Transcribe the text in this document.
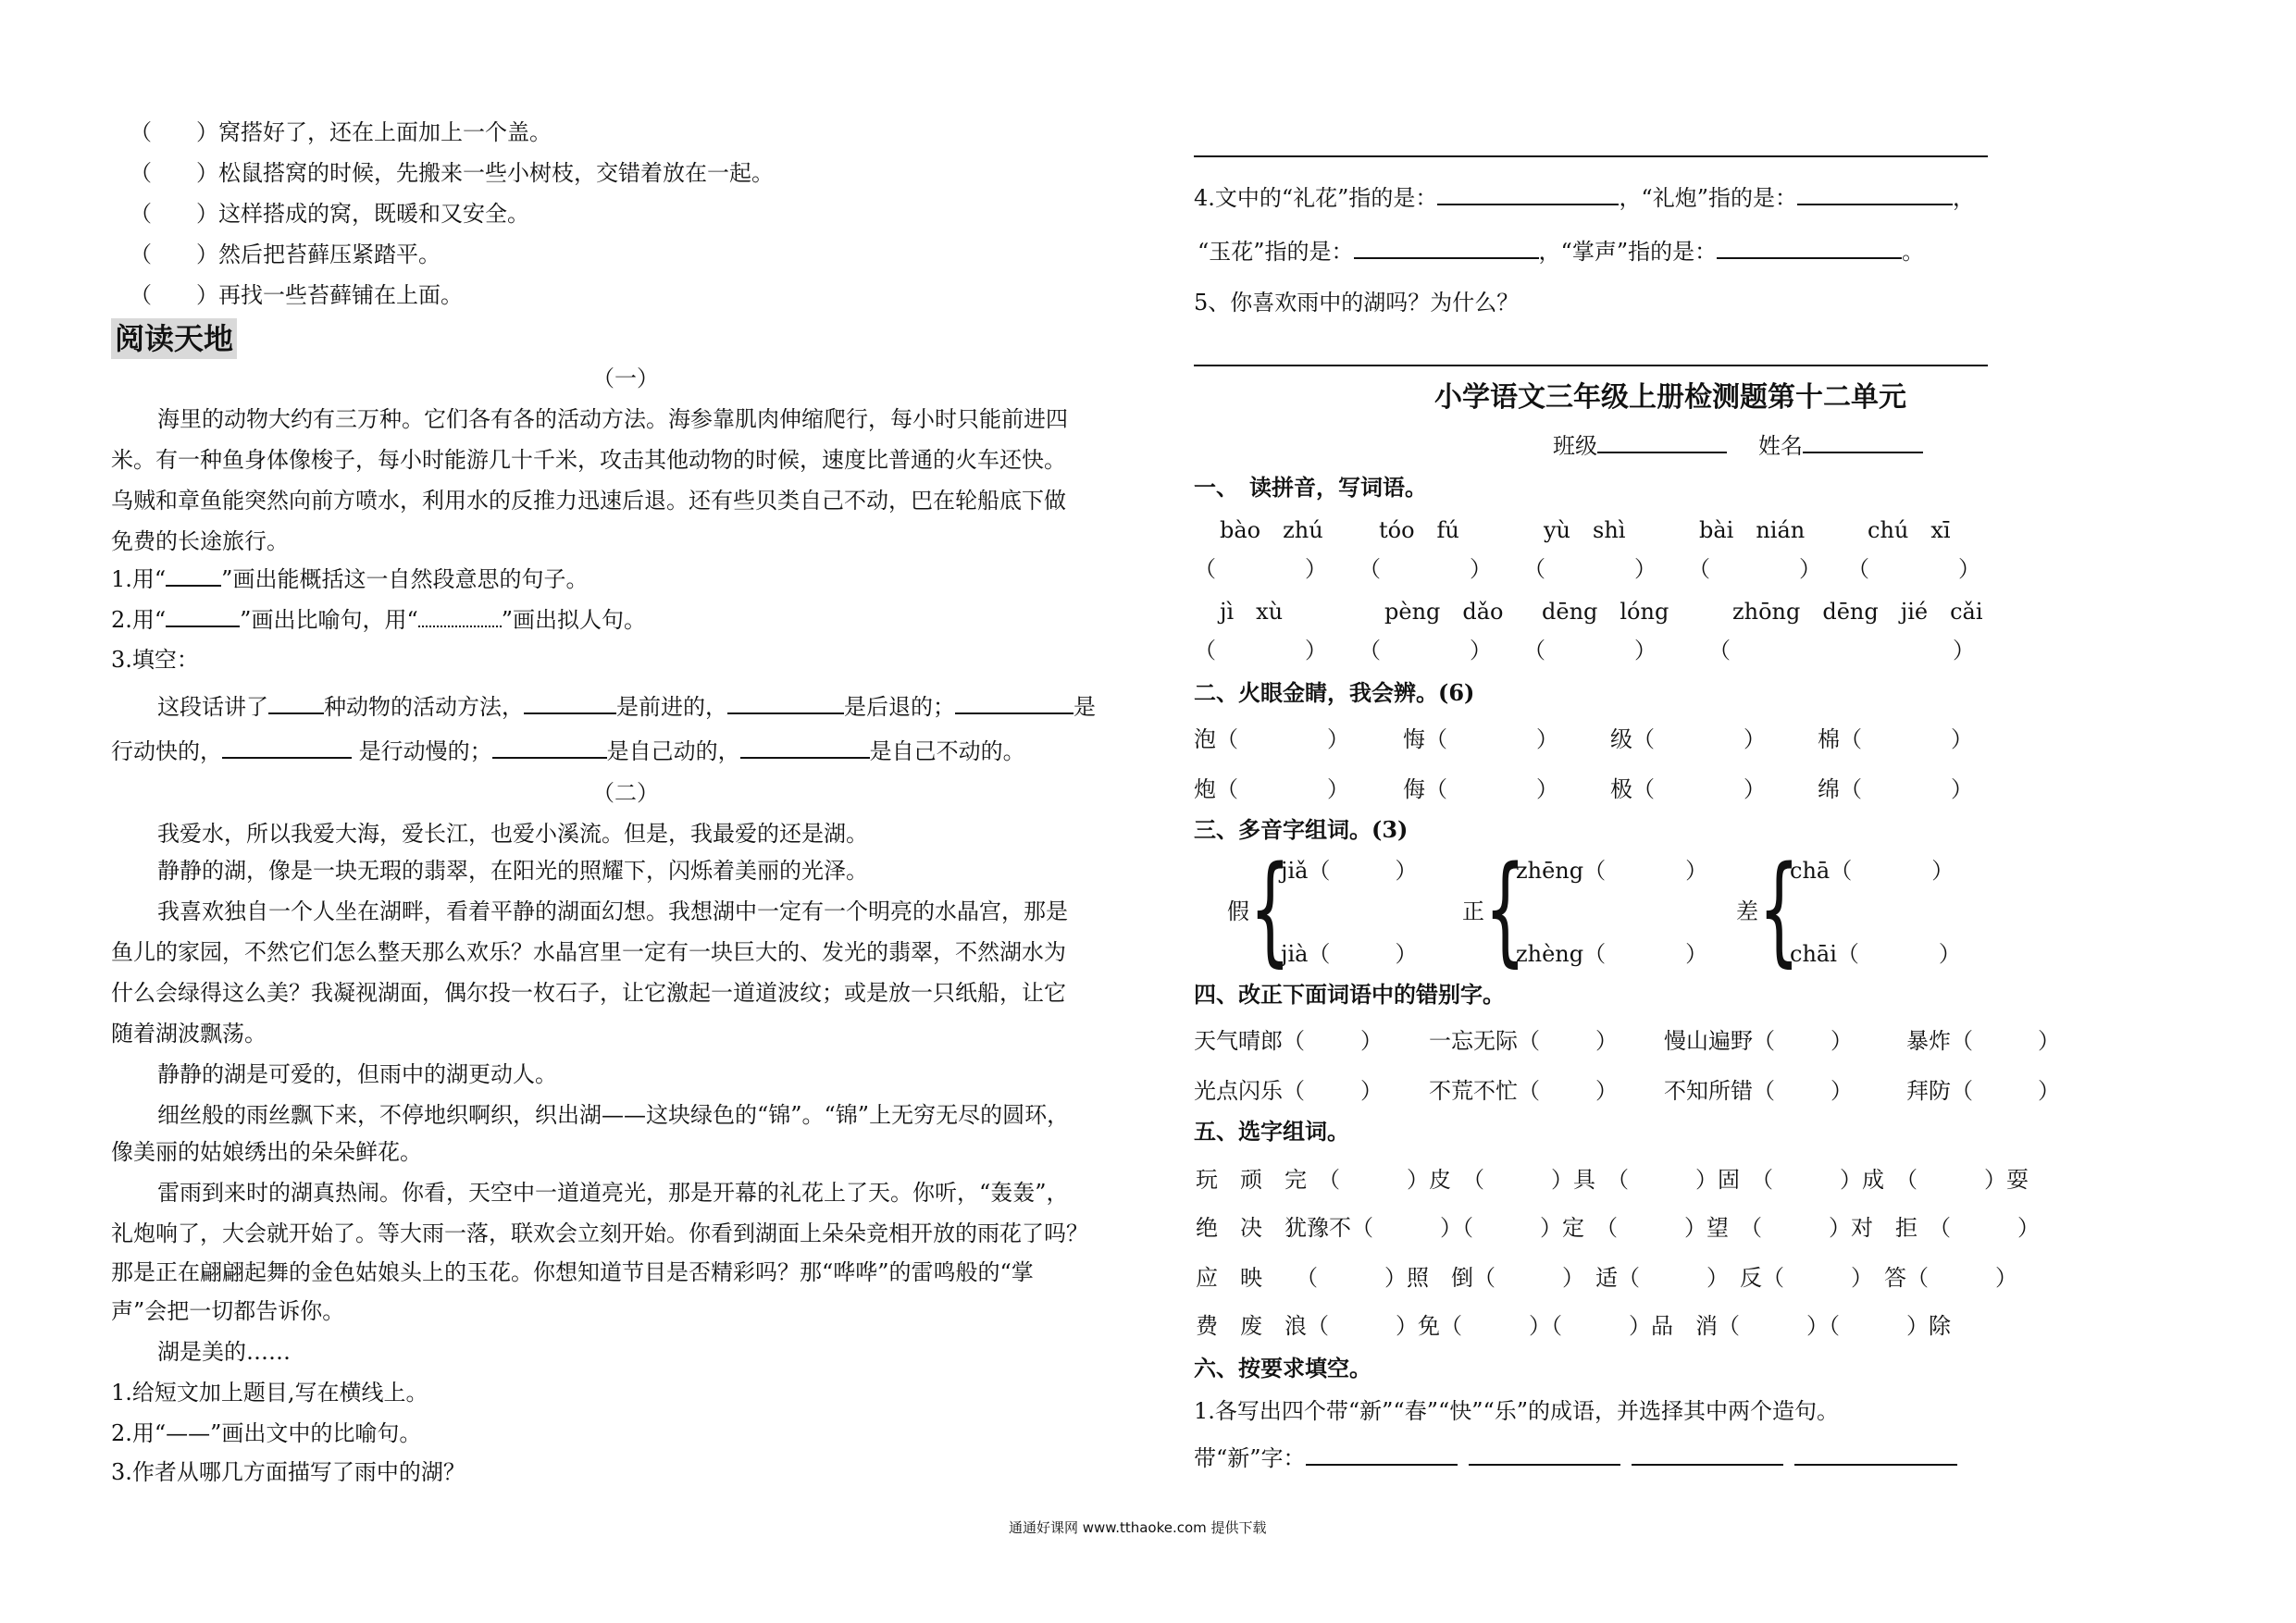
（　　）窝搭好了，还在上面加上一个盖。
（　　）松鼠搭窝的时候，先搬来一些小树枝，交错着放在一起。
（　　）这样搭成的窝，既暖和又安全。
（　　）然后把苔藓压紧踏平。
（　　）再找一些苔藓铺在上面。
阅读天地
（一）
海里的动物大约有三万种。它们各有各的活动方法。海参靠肌肉伸缩爬行，每小时只能前进四
米。有一种鱼身体像梭子，每小时能游几十千米，攻击其他动物的时候，速度比普通的火车还快。
乌贼和章鱼能突然向前方喷水，利用水的反推力迅速后退。还有些贝类自己不动，巴在轮船底下做
免费的长途旅行。
1.用“	”画出能概括这一自然段意思的句子。
2.用“	”画出比喻句，用“	”画出拟人句。
3.填空：
这段话讲了	种动物的活动方法，	是前进的，	是后退的；	是
行动快的，	是行动慢的；	是自己动的，	是自己不动的。
（二）
我爱水，所以我爱大海，爱长江，也爱小溪流。但是，我最爱的还是湖。
静静的湖，像是一块无瑕的翡翠，在阳光的照耀下，闪烁着美丽的光泽。
我喜欢独自一个人坐在湖畔，看着平静的湖面幻想。我想湖中一定有一个明亮的水晶宫，那是
鱼儿的家园，不然它们怎么整天那么欢乐？水晶宫里一定有一块巨大的、发光的翡翠，不然湖水为
什么会绿得这么美？我凝视湖面，偶尔投一枚石子，让它激起一道道波纹；或是放一只纸船，让它
随着湖波飘荡。
静静的湖是可爱的，但雨中的湖更动人。
细丝般的雨丝飘下来，不停地织啊织，织出湖——这块绿色的“锦”。“锦”上无穷无尽的圆环，
像美丽的姑娘绣出的朵朵鲜花。
雷雨到来时的湖真热闹。你看，天空中一道道亮光，那是开幕的礼花上了天。你听，“轰轰”，
礼炮响了，大会就开始了。等大雨一落，联欢会立刻开始。你看到湖面上朵朵竞相开放的雨花了吗？
那是正在翩翩起舞的金色姑娘头上的玉花。你想知道节目是否精彩吗？那“哗哗”的雷鸣般的“掌
声”会把一切都告诉你。
湖是美的……
1.给短文加上题目,写在横线上。
2.用“——”画出文中的比喻句。
3.作者从哪几方面描写了雨中的湖？
4.文中的“礼花”指的是：	，“礼炮”指的是：	，
“玉花”指的是：	，“掌声”指的是：	。
5、你喜欢雨中的湖吗？为什么？
小学语文三年级上册检测题第十二单元
班级	姓名
一、　读拼音，写词语。
bào　zhú	tóo　fú	yù　shì	bài　nián	chú　xī
（　　　　） （　　　　） （　　　　） （　　　　） （　　　　）
jì　xù	pèng　dǎo dēng　lóng	zhōng　dēng　jié　cǎi
（　　　　） （　　　　） （　　　　） （	）
二、火眼金睛，我会辨。(6)
泡（	） 悔（	） 级（	） 棉（	）
炮（	） 侮（	） 极（	） 绵（	）
三、多音字组词。(3)
假 {
jiǎ（	）
jià（	）
正 {
zhēng（	）
zhèng（	）
差 {
chā（	）
chāi（	）
四、改正下面词语中的错别字。
天气晴郎（	） 一忘无际（	） 慢山遍野（	） 暴炸（	）
光点闪乐（	） 不荒不忙（	） 不知所错（	） 拜防（	）
五、选字组词。
玩　顽　完　（　　　）皮　（　　　）具　（　　　）固　（　　　）成　（　　　）耍
绝　决　犹豫不（　　　）（　　　）定　（　　　）望　（　　　）对　拒　（　　　）
应　映　　（　　　）照　倒（　　　）　适（　　　）　反（　　　）　答（　　　）
费　废　浪（　　　）免（　　　）（　　　）品　消（　　　）（　　　）除
六、按要求填空。
1.各写出四个带“新”“春”“快”“乐”的成语，并选择其中两个造句。
带“新”字：
通通好课网 www.tthaoke.com 提供下载
